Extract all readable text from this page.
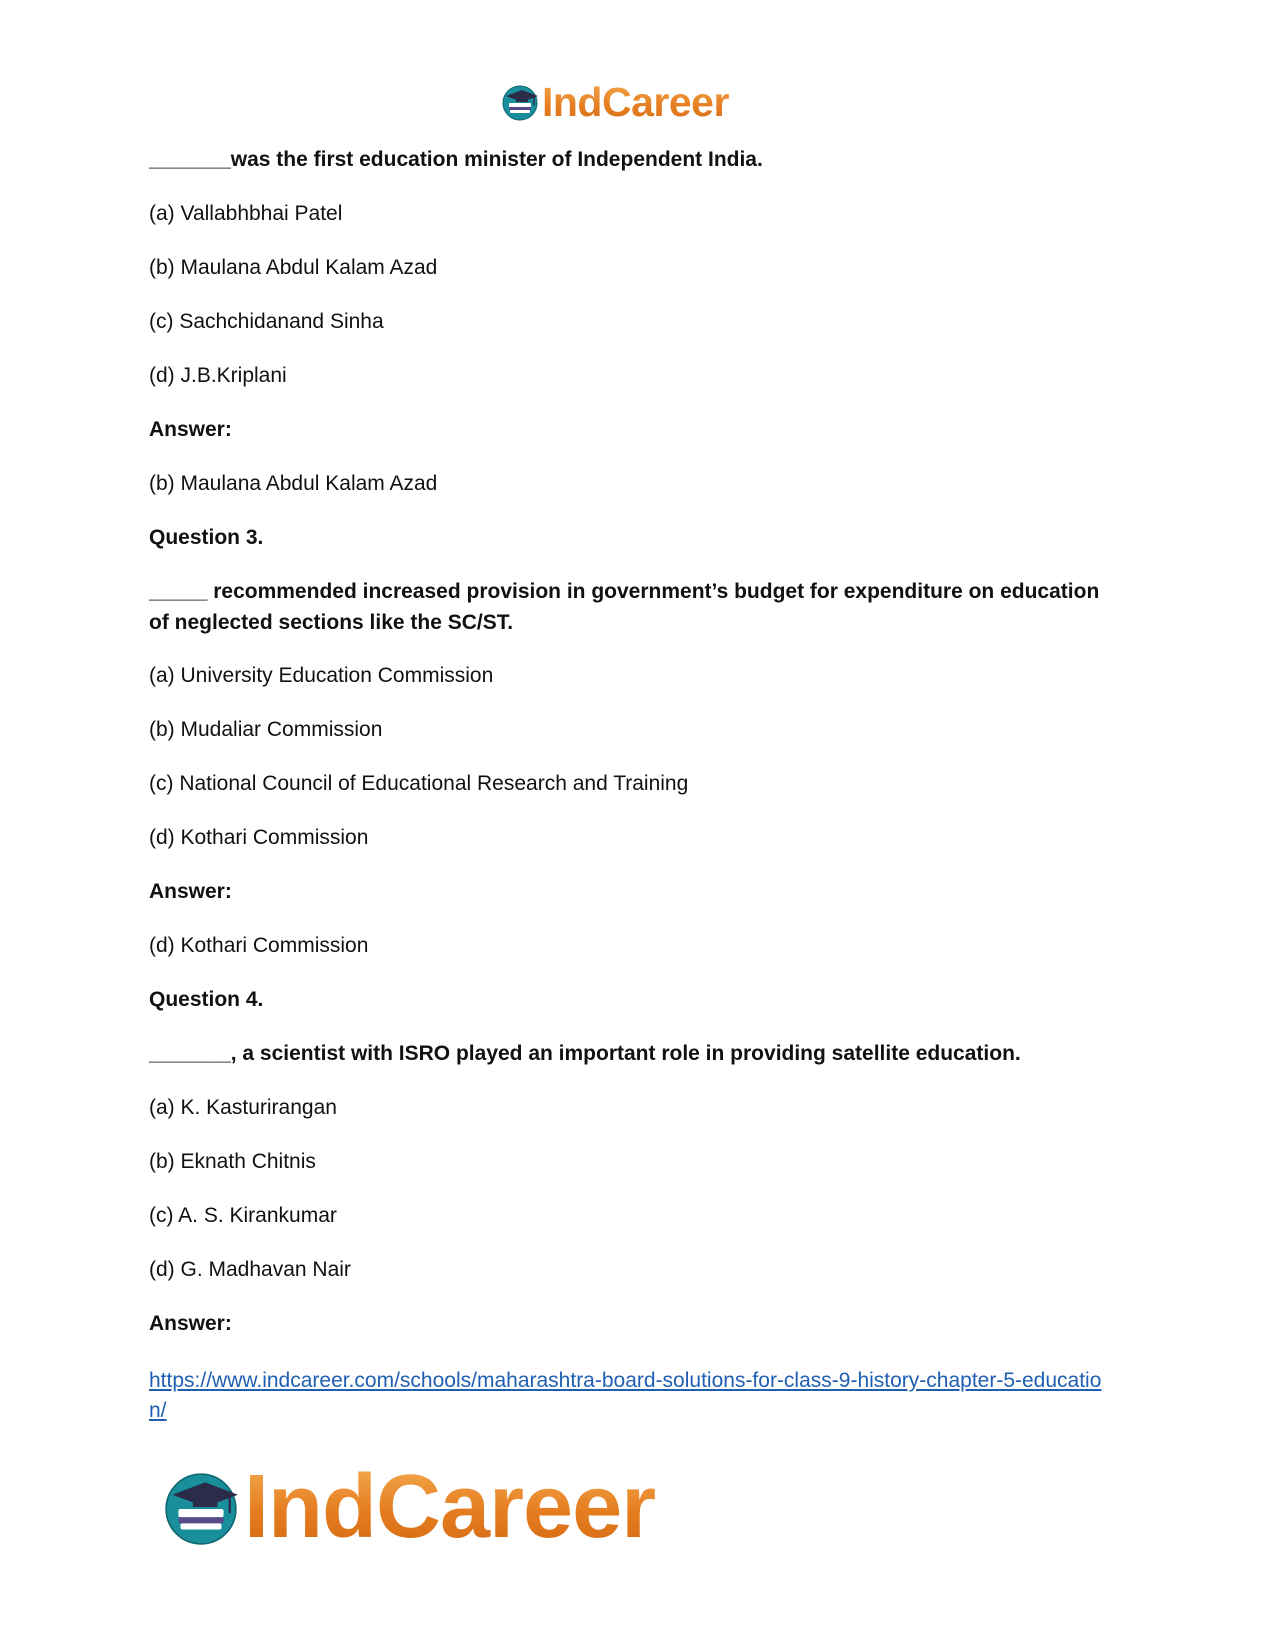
IndCareer
_______was the first education minister of Independent India.
(a) Vallabhbhai Patel
(b) Maulana Abdul Kalam Azad
(c) Sachchidanand Sinha
(d) J.B.Kriplani
Answer:
(b) Maulana Abdul Kalam Azad
Question 3.
_____ recommended increased provision in government’s budget for expenditure on education of neglected sections like the SC/ST.
(a) University Education Commission
(b) Mudaliar Commission
(c) National Council of Educational Research and Training
(d) Kothari Commission
Answer:
(d) Kothari Commission
Question 4.
_______, a scientist with ISRO played an important role in providing satellite education.
(a) K. Kasturirangan
(b) Eknath Chitnis
(c) A. S. Kirankumar
(d) G. Madhavan Nair
Answer:
https://www.indcareer.com/schools/maharashtra-board-solutions-for-class-9-history-chapter-5-education/
IndCareer
